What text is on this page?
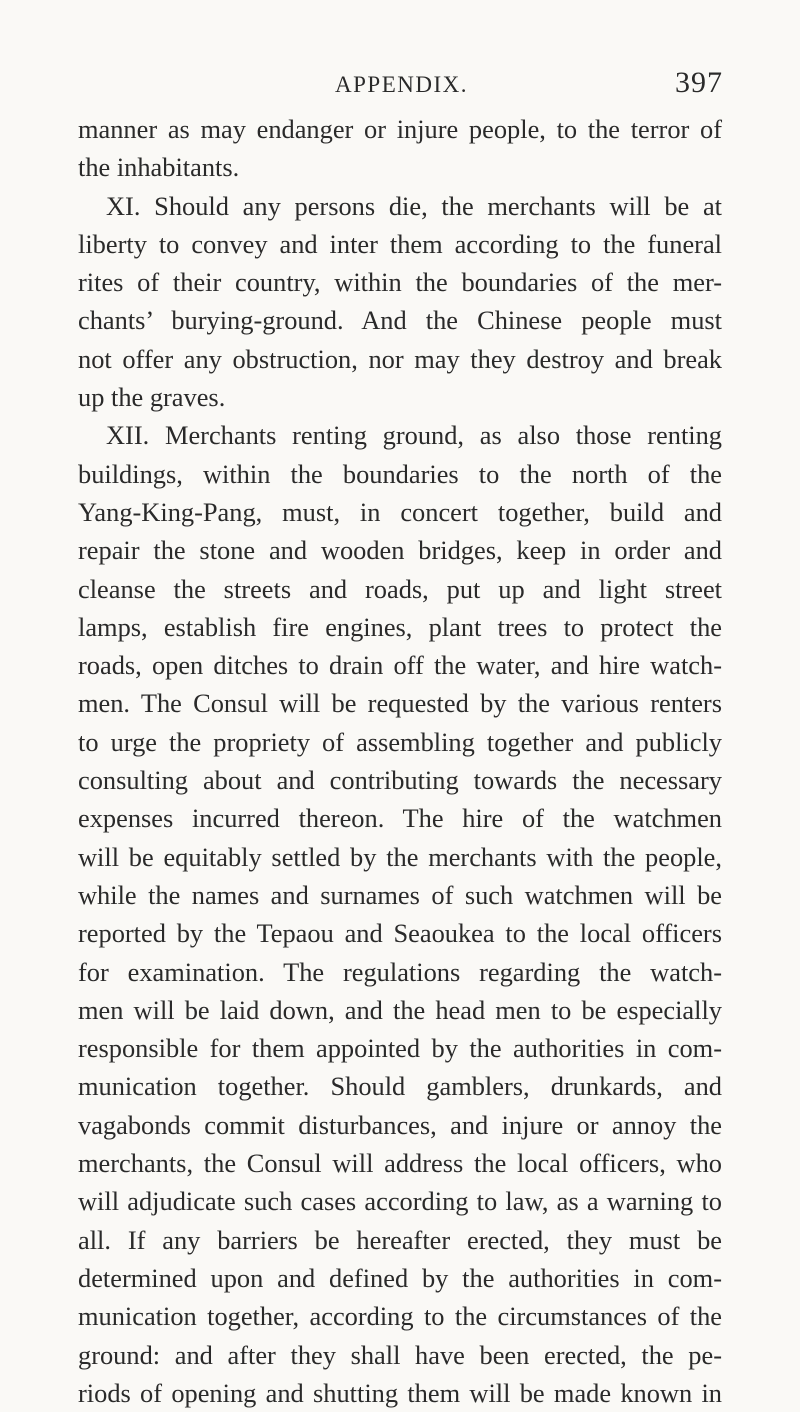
APPENDIX.	397
manner as may endanger or injure people, to the terror of
the inhabitants.
XI. Should any persons die, the merchants will be at
liberty to convey and inter them according to the funeral
rites of their country, within the boundaries of the mer-
chants’ burying-ground. And the Chinese people must
not offer any obstruction, nor may they destroy and break
up the graves.
XII. Merchants renting ground, as also those renting
buildings, within the boundaries to the north of the
Yang-King-Pang, must, in concert together, build and
repair the stone and wooden bridges, keep in order and
cleanse the streets and roads, put up and light street
lamps, establish fire engines, plant trees to protect the
roads, open ditches to drain off the water, and hire watch-
men. The Consul will be requested by the various renters
to urge the propriety of assembling together and publicly
consulting about and contributing towards the necessary
expenses incurred thereon. The hire of the watchmen
will be equitably settled by the merchants with the people,
while the names and surnames of such watchmen will be
reported by the Tepaou and Seaoukea to the local officers
for examination. The regulations regarding the watch-
men will be laid down, and the head men to be especially
responsible for them appointed by the authorities in com-
munication together. Should gamblers, drunkards, and
vagabonds commit disturbances, and injure or annoy the
merchants, the Consul will address the local officers, who
will adjudicate such cases according to law, as a warning to
all. If any barriers be hereafter erected, they must be
determined upon and defined by the authorities in com-
munication together, according to the circumstances of the
ground: and after they shall have been erected, the pe-
riods of opening and shutting them will be made known in
